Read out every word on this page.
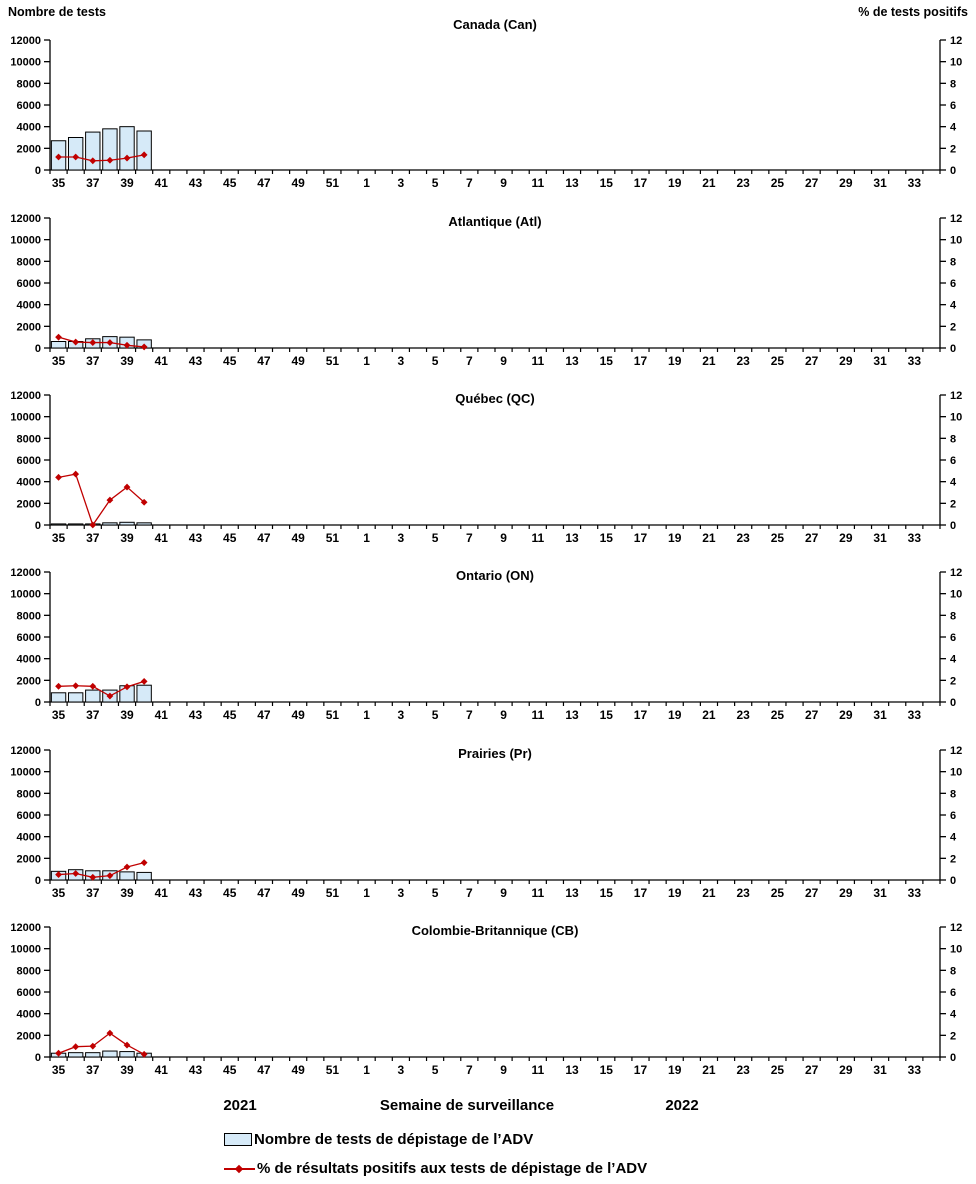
Nombre de tests	% de tests positifs
0
2000
4000
6000
8000
10000
12000
0
2
4
6
8
10
12
35 37 39 41 43 45 47 49 51 1 3 5 7 9 11 13 15 17 19 21 23 25 27 29 31 33
0
2000
4000
6000
8000
10000
12000
0
2
4
6
8
10
12
35 37 39 41 43 45 47 49 51 1 3 5 7 9 11 13 15 17 19 21 23 25 27 29 31 33
0
2000
4000
6000
8000
10000
12000
0
2
4
6
8
10
12
35 37 39 41 43 45 47 49 51 1 3 5 7 9 11 13 15 17 19 21 23 25 27 29 31 33
0
2000
4000
6000
8000
10000
12000
0
2
4
6
8
10
12
35 37 39 41 43 45 47 49 51 1 3 5 7 9 11 13 15 17 19 21 23 25 27 29 31 33
0
2000
4000
6000
8000
10000
12000
0
2
4
6
8
10
12
35 37 39 41 43 45 47 49 51 1 3 5 7 9 11 13 15 17 19 21 23 25 27 29 31 33
0
2000
4000
6000
8000
10000
12000
0
2
4
6
8
10
12
35 37 39 41 43 45 47 49 51 1 3 5 7 9 11 13 15 17 19 21 23 25 27 29 31 33
Canada (Can)
Atlantique (Atl)
Québec (QC)
Ontario (ON)
Prairies (Pr)
Colombie-Britannique (CB)
2021	Semaine de surveillance	2022
Nombre de tests de dépistage de l’ADV
% de résultats positifs aux tests de dépistage de l’ADV
